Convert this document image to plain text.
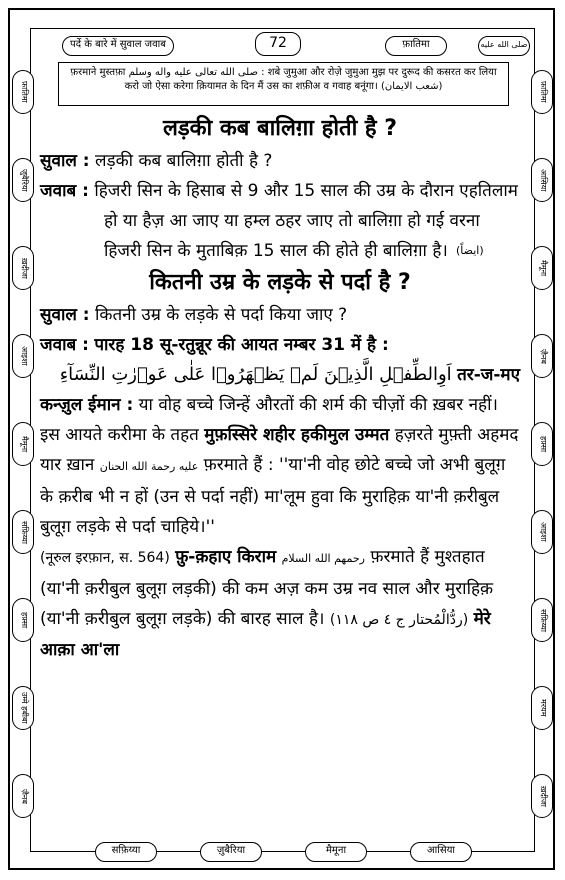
पर्दे के बारे में सुवाल जवाब	72	फ़ातिमा	صلى الله عليه
फ़ातिमा
ज़ुबैरिया
ख़दीजा
आइशा
मैमूना
सफ़िय्या
हफ़्सा
उम्मे हबीबा
ज़ैनब
फ़ातिमा
आसिया
मैमूना
ज़ैनब
हफ़्सा
आइशा
सफ़िय्या
मरयम
ख़दीजा
फ़रमाने मुस्तफ़ा صلى الله تعالى عليه واله وسلم : शबे जुमुआ और रोज़े जुमुआ मुझ पर दुरूद की कसरत कर लिया करो जो ऐसा करेगा क़ियामत के दिन मैं उस का शफ़ीअ व गवाह बनूंगा। (شعب الايمان)
लड़की कब बालिग़ा होती है ?

सुवाल : लड़की कब बालिग़ा होती है ?

जवाब : हिजरी सिन के हिसाब से 9 और 15 साल की उम्र के दौरान एहतिलाम हो या हैज़ आ जाए या हम्ल ठहर जाए तो बालिग़ा हो गई वरना हिजरी सिन के मुताबिक़ 15 साल की होते ही बालिग़ा है। (ايضاً)

कितनी उम्र के लड़के से पर्दा है ?

सुवाल : कितनी उम्र के लड़के से पर्दा किया जाए ?

जवाब : पारह 18 सू-रतुन्नूर की आयत नम्बर 31 में है :

اَوِالطِّفۡلِ الَّذِيۡنَ لَمۡ يَظۡهَرُوۡا عَلٰى عَوۡرٰتِ النِّسَآءِ तर-ज-मए

कन्ज़ुल ईमान : या वोह बच्चे जिन्हें औरतों की शर्म की चीज़ों की ख़बर नहीं। इस आयते करीमा के तहत मुफ़स्सिरे शहीर हकीमुल उम्मत हज़रते मुफ़्ती अहमद यार ख़ान عليه رحمة الله الحنان फ़रमाते हैं : ''या'नी वोह छोटे बच्चे जो अभी बुलूग़ के क़रीब भी न हों (उन से पर्दा नहीं) मा'लूम हुवा कि मुराहिक़ या'नी क़रीबुल बुलूग़ लड़के से पर्दा चाहिये।''

(नूरुल इरफ़ान, स. 564) फ़ु-क़हाए किराम رحمهم الله السلام फ़रमाते हैं मुश्तहात (या'नी क़रीबुल बुलूग़ लड़की) की कम अज़ कम उम्र नव साल और मुराहिक़ (या'नी क़रीबुल बुलूग़ लड़के) की बारह साल है। (ردُّالْمُحتار ج ٤ ص ١١٨) मेरे आक़ा आ'ला

सफ़िय्या	ज़ुबैरिया	मैमूना	आसिया
